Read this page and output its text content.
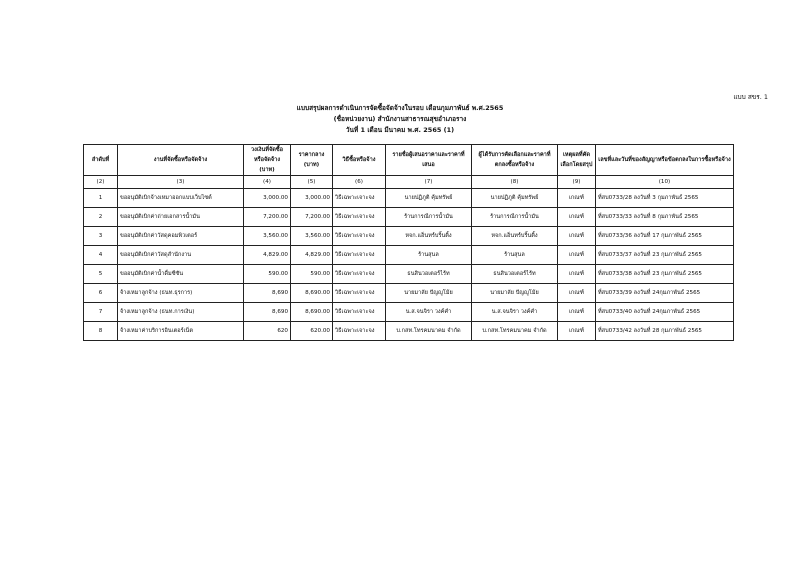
แบบ สขร. 1
แบบสรุปผลการดำเนินการจัดซื้อจัดจ้างในรอบ เดือนกุมภาพันธ์ พ.ศ.2565
(ชื่อหน่วยงาน) สำนักงานสาธารณสุขอำเภอราง
วันที่ 1 เดือน มีนาคม พ.ศ. 2565 (1)
ลำดับที่	งานที่จัดซื้อหรือจัดจ้าง	วงเงินที่จัดซื้อหรือจัดจ้าง (บาท)	ราคากลาง (บาท)	วิธีซื้อหรือจ้าง	รายชื่อผู้เสนอราคาและราคาที่เสนอ	ผู้ได้รับการคัดเลือกและราคาที่ตกลงซื้อหรือจ้าง	เหตุผลที่คัดเลือกโดยสรุป	เลขที่และวันที่ของสัญญาหรือข้อตกลงในการซื้อหรือจ้าง
(2)	(3)	(4)	(5)	(6)	(7)	(8)	(9)	(10)
1	ขออนุมัติเบิกจ้างเหมาออกแบบเว็บไซต์	3,000.00	3,000.00	วิธีเฉพาะเจาะจง	นายปฏิภูติ คุ้มทรัพย์	นายปฏิภูติ คุ้มทรัพย์	เกณฑ์	ที่สบ0733/28 ลงวันที่ 3 กุมภาพันธ์ 2565
2	ขออนุมัติเบิกค่าถ่ายเอกสารน้ำมัน	7,200.00	7,200.00	วิธีเฉพาะเจาะจง	ร้านการณีการน้ำมัน	ร้านการณีการน้ำมัน	เกณฑ์	ที่สบ0733/33 ลงวันที่ 8 กุมภาพันธ์ 2565
3	ขออนุมัติเบิกค่าวัสดุคอมพิวเตอร์	3,560.00	3,560.00	วิธีเฉพาะเจาะจง	หจก.แอ็นทร์บริ้นติ้ง	หจก.แอ็นทร์บริ้นติ้ง	เกณฑ์	ที่สบ0733/36 ลงวันที่ 17 กุมภาพันธ์ 2565
4	ขออนุมัติเบิกค่าวัสดุสำนักงาน	4,829.00	4,829.00	วิธีเฉพาะเจาะจง	ร้านสุนล	ร้านสุนล	เกณฑ์	ที่สบ0733/37 ลงวันที่ 23 กุมภาพันธ์ 2565
5	ขออนุมัติเบิกค่าน้ำดื่มซีซัน	590.00	590.00	วิธีเฉพาะเจาะจง	ธนสินวอเตอร์ไร้ท	ธนสินวอเตอร์ไร้ท	เกณฑ์	ที่สบ0733/38 ลงวันที่ 23 กุมภาพันธ์ 2565
6	จ้างเหมาลูกจ้าง (ธนท.ธุรการ)	8,690	8,690.00	วิธีเฉพาะเจาะจง	นายมาลัย ปัญญูโม้ย	นายมาลัย ปัญญูโม้ย	เกณฑ์	ที่สบ0733/39 ลงวันที่ 24กุมภาพันธ์ 2565
7	จ้างเหมาลูกจ้าง (ธนท.การเงิน)	8,690	8,690.00	วิธีเฉพาะเจาะจง	น.ส.จนจิรา วงค์คำ	น.ส.จนจิรา วงค์คำ	เกณฑ์	ที่สบ0733/40 ลงวันที่ 24กุมภาพันธ์ 2565
8	จ้างเหมาค่าบริการอินเตอร์เน็ต	620	620.00	วิธีเฉพาะเจาะจง	บ.กสท.โทรคมนาคม จำกัด	บ.กสท.โทรคมนาคม จำกัด	เกณฑ์	ที่สบ0733/42 ลงวันที่ 28 กุมภาพันธ์ 2565
